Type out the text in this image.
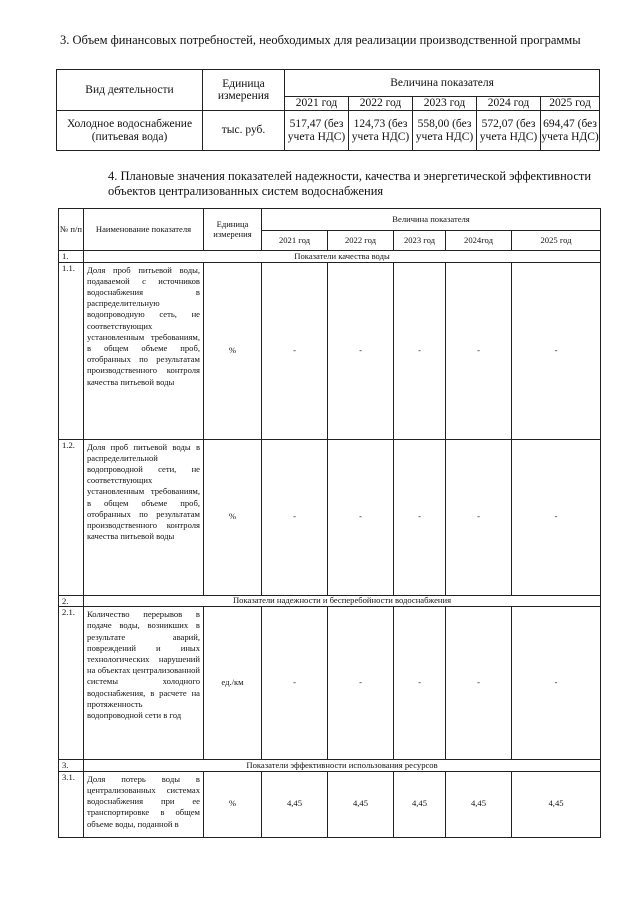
3. Объем финансовых потребностей, необходимых для реализации производственной программы
Вид деятельности	Единица измерения	Величина показателя				
		2021 год	2022 год	2023 год	2024 год	2025 год
Холодное водоснабжение (питьевая вода)	тыс. руб.	517,47 (без учета НДС)	124,73 (без учета НДС)	558,00 (без учета НДС)	572,07 (без учета НДС)	694,47 (без учета НДС)
4. Плановые значения показателей надежности, качества и энергетической эффективности объектов централизованных систем водоснабжения
№ п/п	Наименование показателя	Единица измерения	Величина показателя				
			2021 год	2022 год	2023 год	2024год	2025 год
1.	Показатели качества воды						
1.1.	Доля проб питьевой воды, подаваемой с источников водоснабжения в распределительную водопроводную сеть, не соответствующих установленным требованиям, в общем объеме проб, отобранных по результатам производственного контроля качества питьевой воды	%	-	-	-	-	-
1.2.	Доля проб питьевой воды в распределительной водопроводной сети, не соответствующих установленным требованиям, в общем объеме проб, отобранных по результатам производственного контроля качества питьевой воды	%	-	-	-	-	-
2.	Показатели надежности и бесперебойности водоснабжения						
2.1.	Количество перерывов в подаче воды, возникших в результате аварий, повреждений и иных технологических нарушений на объектах централизованной системы холодного водоснабжения, в расчете на протяженность водопроводной сети в год	ед./км	-	-	-	-	-
3.	Показатели эффективности использования ресурсов						
3.1.	Доля потерь воды в централизованных системах водоснабжения при ее транспортировке в общем объеме воды, поданной в	%	4,45	4,45	4,45	4,45	4,45
